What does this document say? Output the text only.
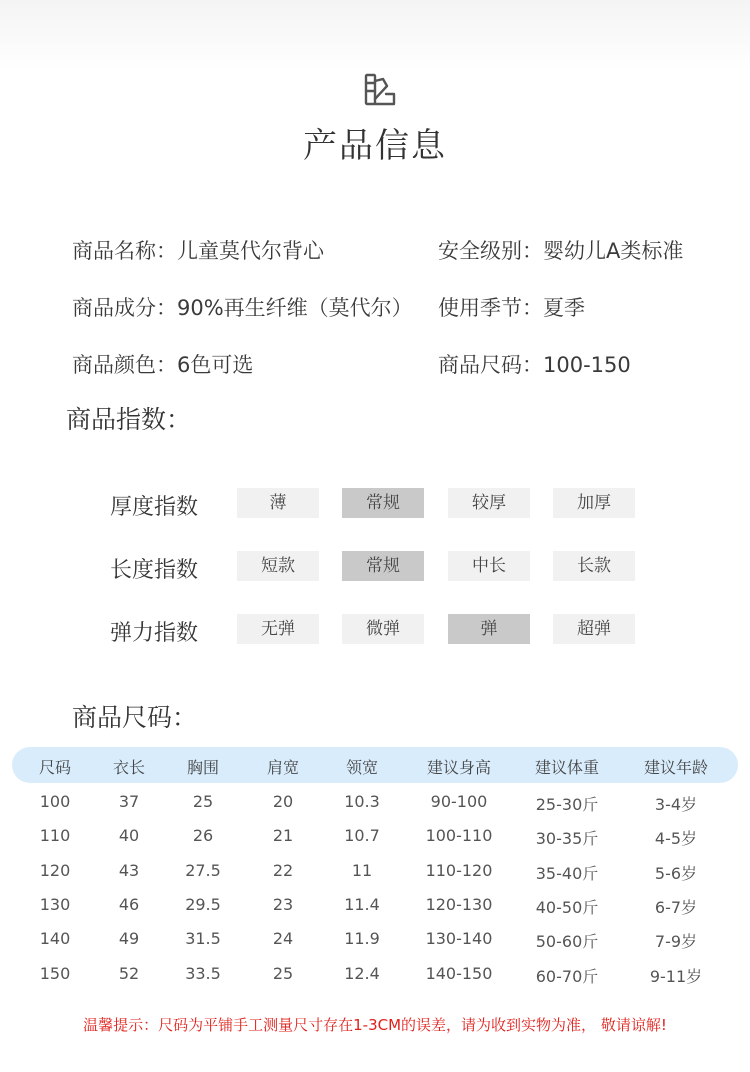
产品信息
商品名称：儿童莫代尔背心	安全级别：婴幼儿A类标准
商品成分：90%再生纤维（莫代尔） 使用季节：夏季
商品颜色：6色可选	商品尺码：100-150
商品指数：
厚度指数	薄	常规	较厚	加厚
长度指数	短款	常规	中长	长款
弹力指数	无弹	微弹	弹	超弹
商品尺码：
尺码	衣长	胸围	肩宽	领宽	建议身高	建议体重	建议年龄
100	37	25	20	10.3	90-100	25-30斤	3-4岁
110	40	26	21	10.7	100-110	30-35斤	4-5岁
120	43	27.5	22	11	110-120	35-40斤	5-6岁
130	46	29.5	23	11.4	120-130	40-50斤	6-7岁
140	49	31.5	24	11.9	130-140	50-60斤	7-9岁
150	52	33.5	25	12.4	140-150	60-70斤	9-11岁
温馨提示：尺码为平铺手工测量尺寸存在1-3CM的误差，请为收到实物为准， 敬请谅解!
